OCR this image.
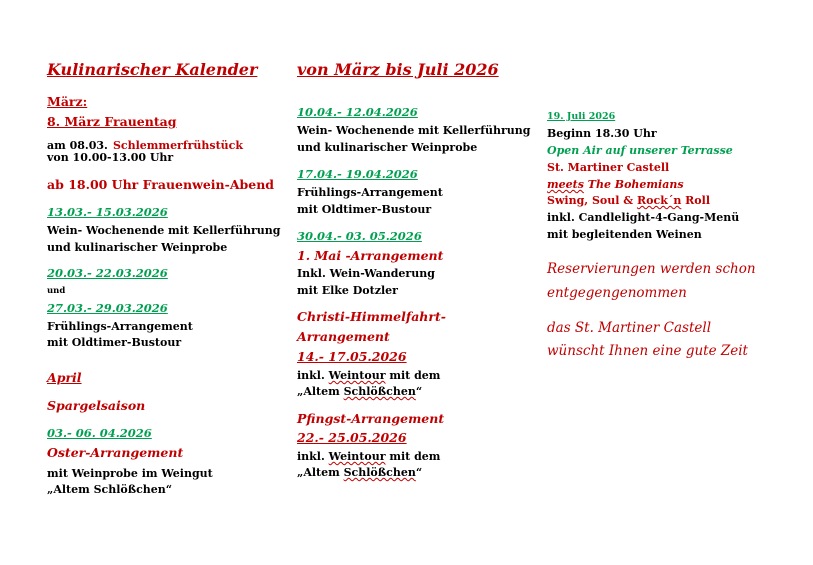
Kulinarischer Kalender
März:
8. März Frauentag
am 08.03. Schlemmerfrühstück
von 10.00-13.00 Uhr
ab 18.00 Uhr Frauenwein-Abend
13.03.- 15.03.2026
Wein- Wochenende mit Kellerführung
und kulinarischer Weinprobe
20.03.- 22.03.2026
und
27.03.- 29.03.2026
Frühlings-Arrangement
mit Oldtimer-Bustour
April
Spargelsaison
03.- 06. 04.2026
Oster-Arrangement
mit Weinprobe im Weingut
„Altem Schlößchen“
von März bis Juli 2026
10.04.- 12.04.2026
Wein- Wochenende mit Kellerführung
und kulinarischer Weinprobe
17.04.- 19.04.2026
Frühlings-Arrangement
mit Oldtimer-Bustour
30.04.- 03. 05.2026
1. Mai -Arrangement
Inkl. Wein-Wanderung
mit Elke Dotzler
Christi-Himmelfahrt-
Arrangement
14.- 17.05.2026
inkl. Weintour mit dem
„Altem Schlößchen“
Pfingst-Arrangement
22.- 25.05.2026
inkl. Weintour mit dem
„Altem Schlößchen“
19. Juli 2026
Beginn 18.30 Uhr
Open Air auf unserer Terrasse
St. Martiner Castell
meets The Bohemians
Swing, Soul & Rock´n Roll
inkl. Candlelight-4-Gang-Menü
mit begleitenden Weinen
Reservierungen werden schon
entgegengenommen
das St. Martiner Castell
wünscht Ihnen eine gute Zeit
